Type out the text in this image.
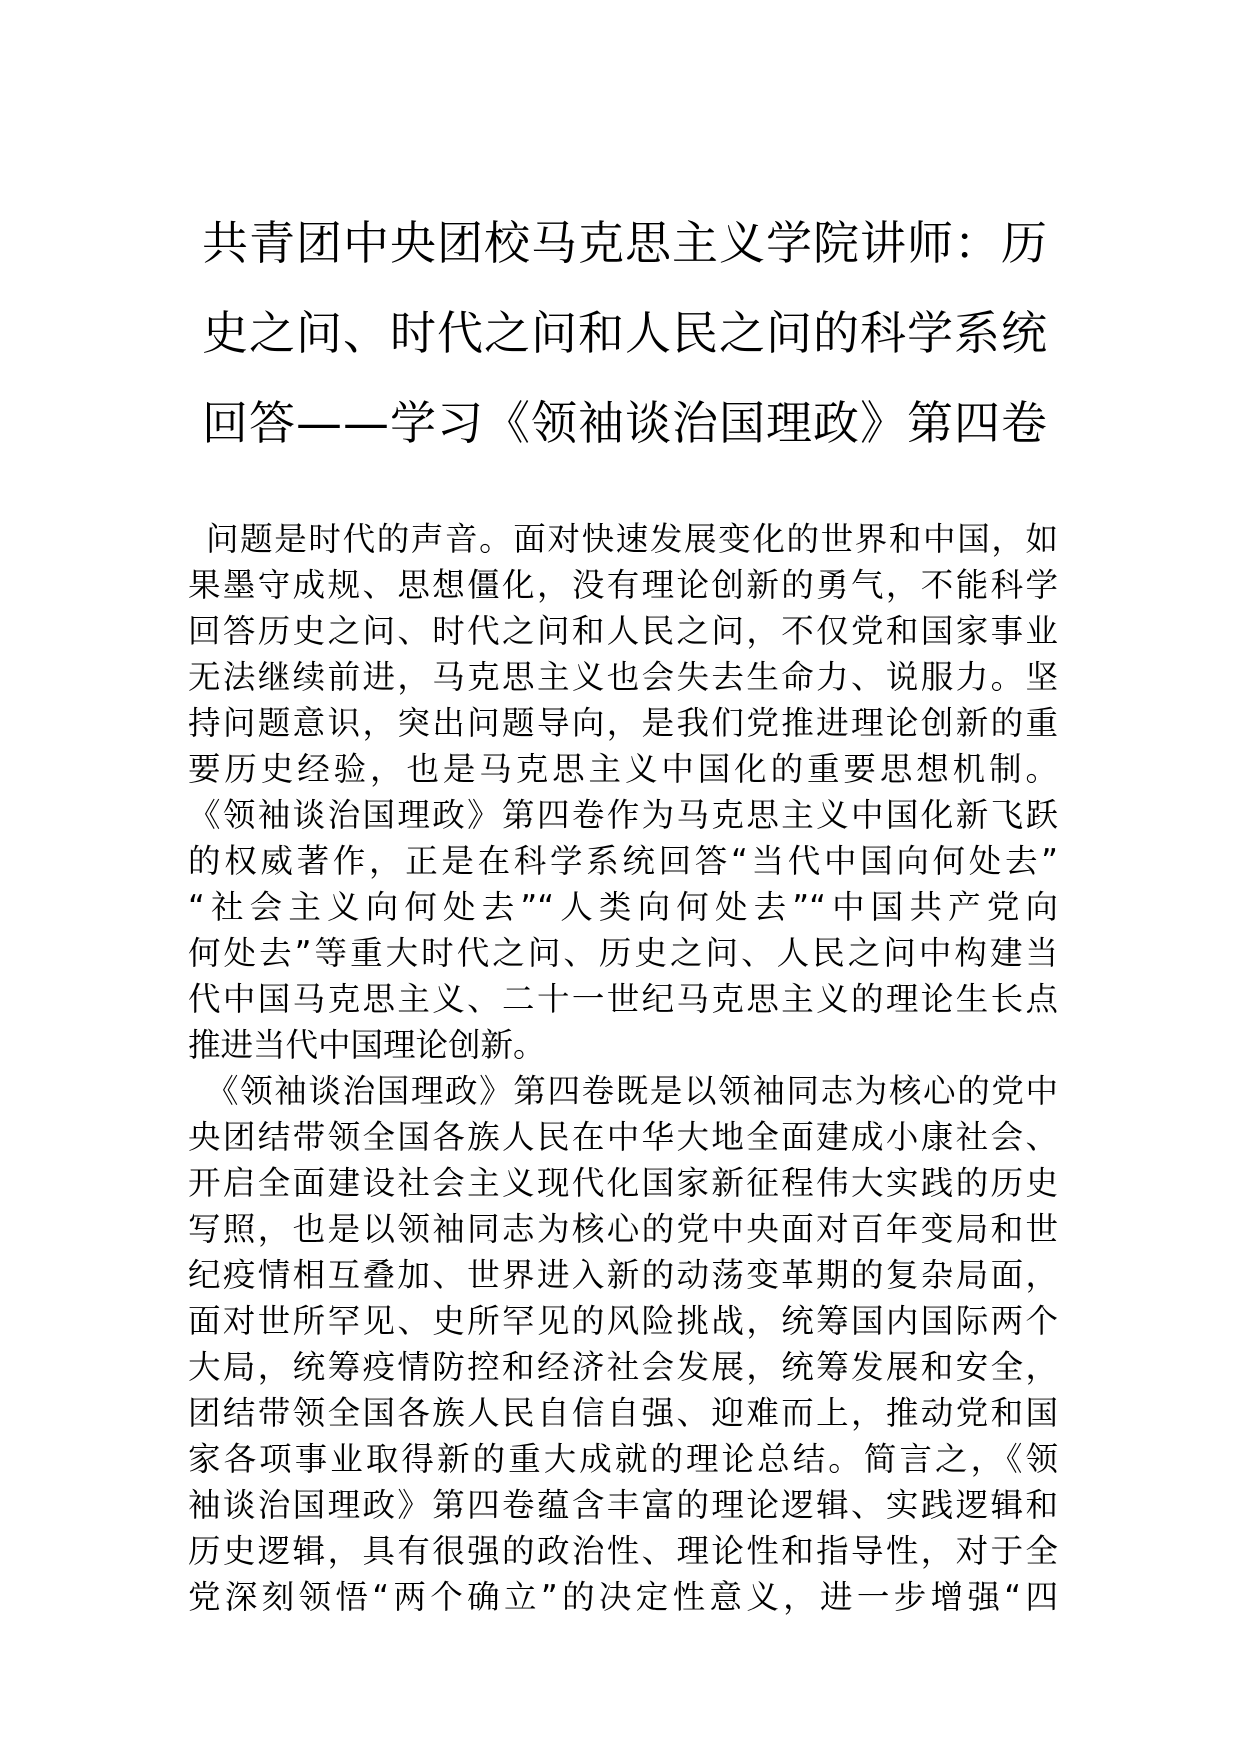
共青团中央团校马克思主义学院讲师：历
史之问、时代之问和人民之问的科学系统
回答——学习《领袖谈治国理政》第四卷
问题是时代的声音。面对快速发展变化的世界和中国，如
果墨守成规、思想僵化，没有理论创新的勇气，不能科学
回答历史之问、时代之问和人民之问，不仅党和国家事业
无法继续前进，马克思主义也会失去生命力、说服力。坚
持问题意识，突出问题导向，是我们党推进理论创新的重
要历史经验，也是马克思主义中国化的重要思想机制。
《领袖谈治国理政》第四卷作为马克思主义中国化新飞跃
的权威著作，正是在科学系统回答“当代中国向何处去”
“社会主义向何处去”“人类向何处去”“中国共产党向
何处去”等重大时代之问、历史之问、人民之问中构建当
代中国马克思主义、二十一世纪马克思主义的理论生长点
推进当代中国理论创新。
《领袖谈治国理政》第四卷既是以领袖同志为核心的党中
央团结带领全国各族人民在中华大地全面建成小康社会、
开启全面建设社会主义现代化国家新征程伟大实践的历史
写照，也是以领袖同志为核心的党中央面对百年变局和世
纪疫情相互叠加、世界进入新的动荡变革期的复杂局面，
面对世所罕见、史所罕见的风险挑战，统筹国内国际两个
大局，统筹疫情防控和经济社会发展，统筹发展和安全，
团结带领全国各族人民自信自强、迎难而上，推动党和国
家各项事业取得新的重大成就的理论总结。简言之，《领
袖谈治国理政》第四卷蕴含丰富的理论逻辑、实践逻辑和
历史逻辑，具有很强的政治性、理论性和指导性，对于全
党深刻领悟“两个确立”的决定性意义，进一步增强“四
